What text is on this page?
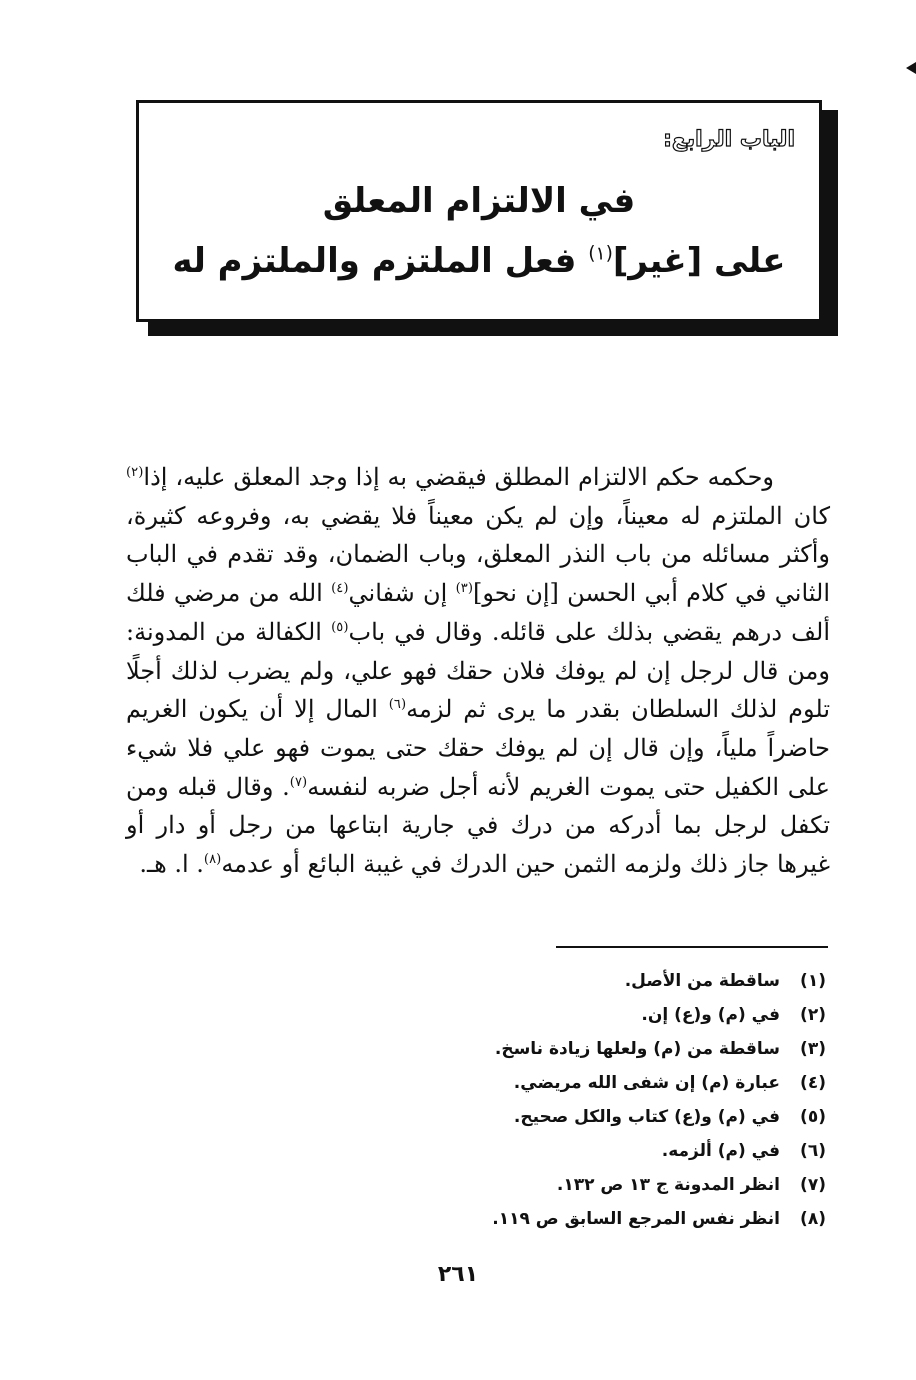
الباب الرابع:
في الالتزام المعلق
على [غير]$^{(١)}$ فعل الملتزم والملتزم له
وحكمه حكم الالتزام المطلق فيقضي به إذا وجد المعلق عليه، إذا$^{(٢)}$ كان الملتزم له معيناً، وإن لم يكن معيناً فلا يقضي به، وفروعه كثيرة، وأكثر مسائله من باب النذر المعلق، وباب الضمان، وقد تقدم في الباب الثاني في كلام أبي الحسن [إن نحو]$^{(٣)}$ إن شفاني$^{(٤)}$ الله من مرضي فلك ألف درهم يقضي بذلك على قائله. وقال في باب$^{(٥)}$ الكفالة من المدونة: ومن قال لرجل إن لم يوفك فلان حقك فهو علي، ولم يضرب لذلك أجلًا تلوم لذلك السلطان بقدر ما يرى ثم لزمه$^{(٦)}$ المال إلا أن يكون الغريم حاضراً ملياً، وإن قال إن لم يوفك حقك حتى يموت فهو علي فلا شيء على الكفيل حتى يموت الغريم لأنه أجل ضربه لنفسه$^{(٧)}$. وقال قبله ومن تكفل لرجل بما أدركه من درك في جارية ابتاعها من رجل أو دار أو غيرها جاز ذلك ولزمه الثمن حين الدرك في غيبة البائع أو عدمه$^{(٨)}$. ا. هـ.
(١)ساقطة من الأصل.
(٢)في (م) و(ع) إن.
(٣)ساقطة من (م) ولعلها زيادة ناسخ.
(٤)عبارة (م) إن شفى الله مريضي.
(٥)في (م) و(ع) كتاب والكل صحيح.
(٦)في (م) ألزمه.
(٧)انظر المدونة ج ١٣ ص ١٣٢.
(٨)انظر نفس المرجع السابق ص ١١٩.
٢٦١
